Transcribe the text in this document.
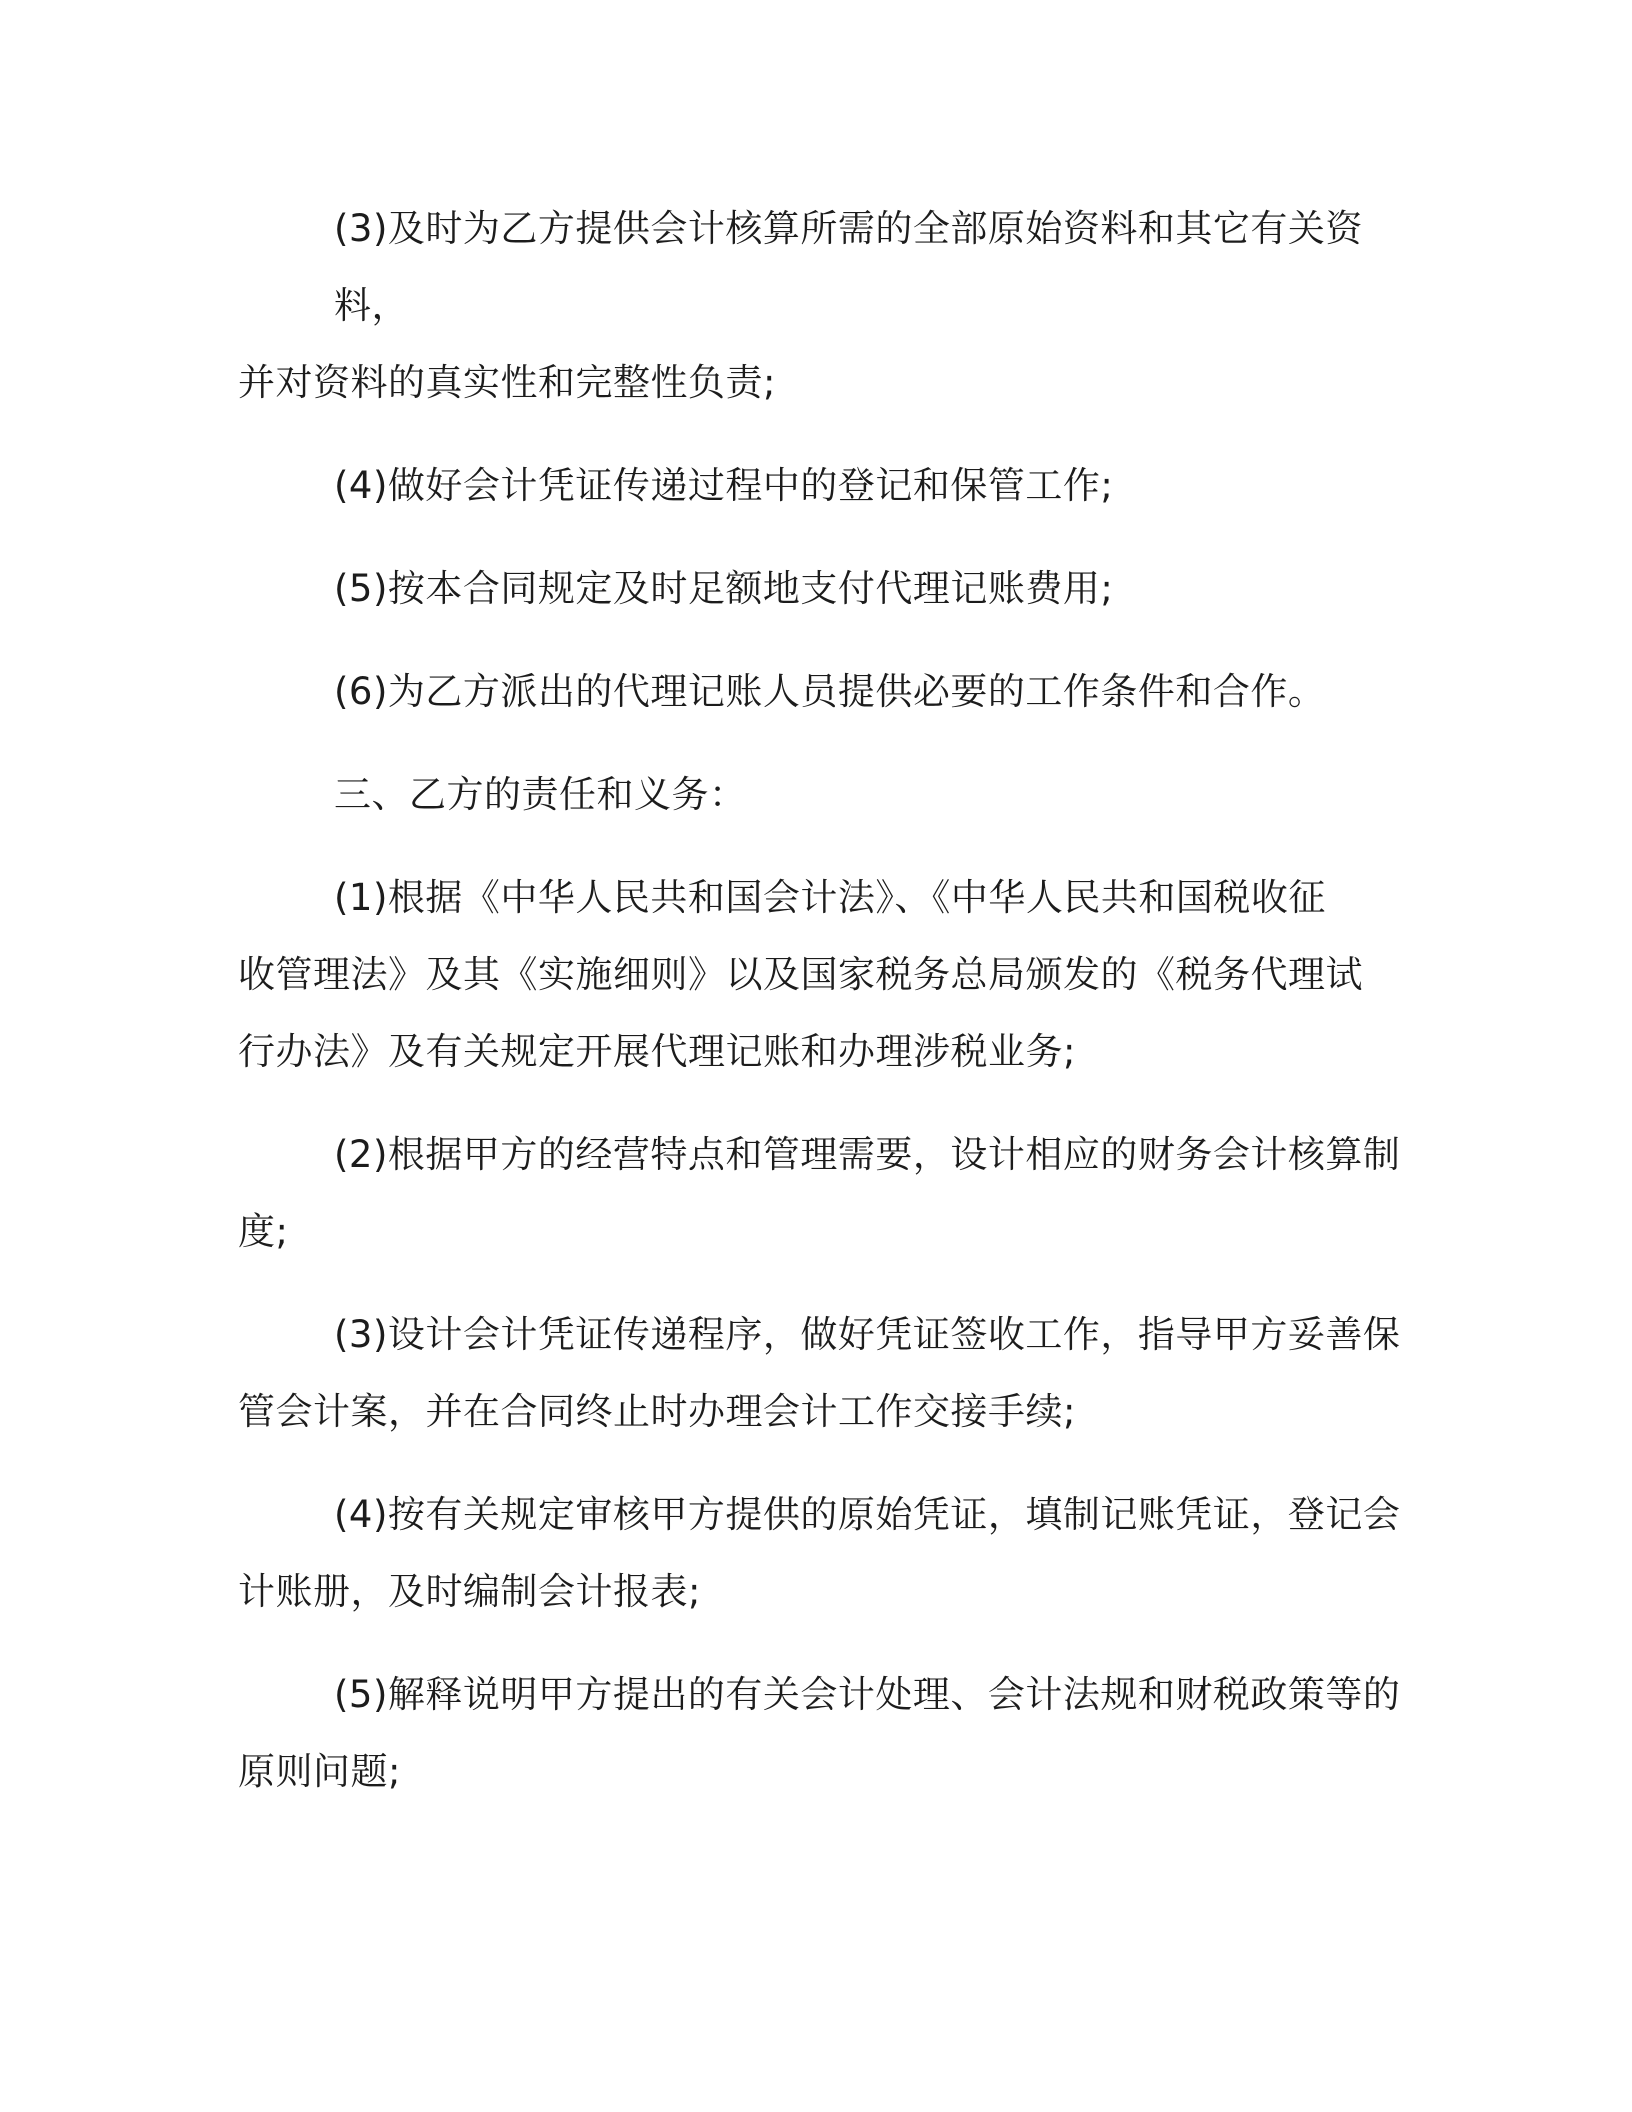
(3)及时为乙方提供会计核算所需的全部原始资料和其它有关资料，
并对资料的真实性和完整性负责;

(4)做好会计凭证传递过程中的登记和保管工作;

(5)按本合同规定及时足额地支付代理记账费用;

(6)为乙方派出的代理记账人员提供必要的工作条件和合作。

三、乙方的责任和义务：

(1)根据《中华人民共和国会计法》、《中华人民共和国税收征
收管理法》及其《实施细则》以及国家税务总局颁发的《税务代理试
行办法》及有关规定开展代理记账和办理涉税业务;

(2)根据甲方的经营特点和管理需要，设计相应的财务会计核算制
度;

(3)设计会计凭证传递程序，做好凭证签收工作，指导甲方妥善保
管会计案，并在合同终止时办理会计工作交接手续;

(4)按有关规定审核甲方提供的原始凭证，填制记账凭证，登记会
计账册，及时编制会计报表;

(5)解释说明甲方提出的有关会计处理、会计法规和财税政策等的
原则问题;
